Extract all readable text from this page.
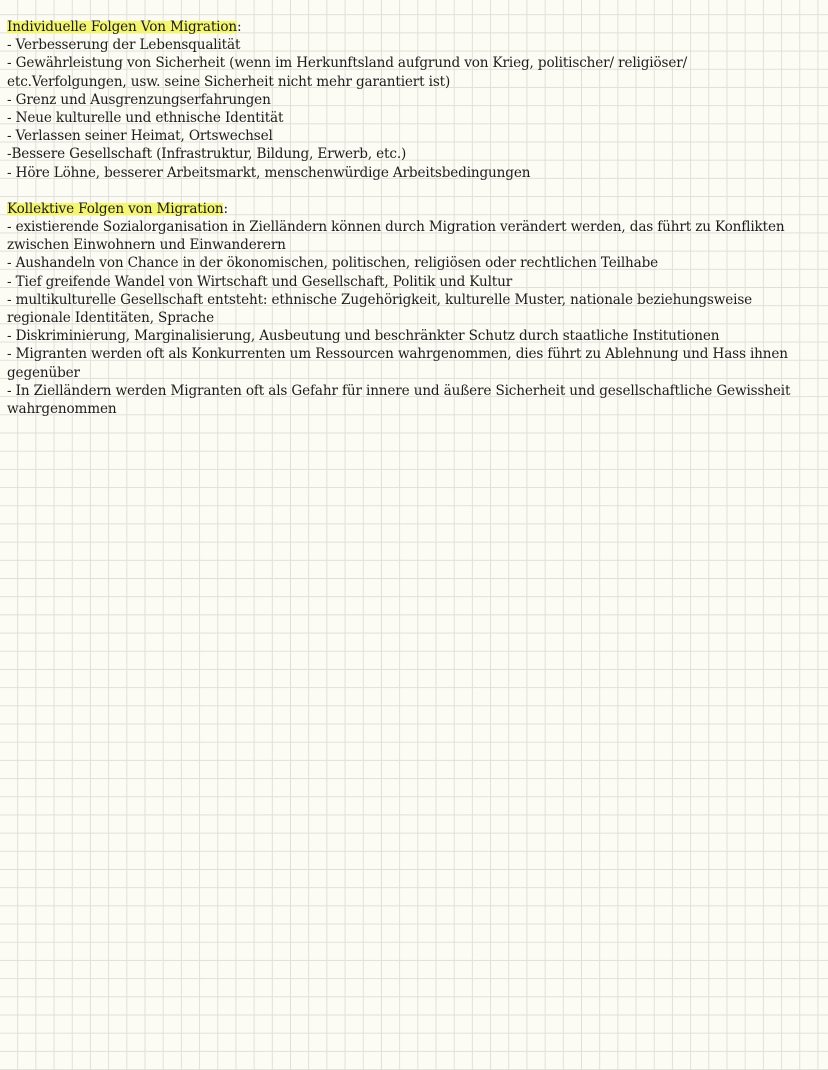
Individuelle Folgen Von Migration:
- Verbesserung der Lebensqualität
- Gewährleistung von Sicherheit (wenn im Herkunftsland aufgrund von Krieg, politischer/ religiöser/ etc.Verfolgungen, usw. seine Sicherheit nicht mehr garantiert ist)
- Grenz und Ausgrenzungserfahrungen
- Neue kulturelle und ethnische Identität
- Verlassen seiner Heimat, Ortswechsel
-Bessere Gesellschaft (Infrastruktur, Bildung, Erwerb, etc.)
- Höre Löhne, besserer Arbeitsmarkt, menschenwürdige Arbeitsbedingungen
Kollektive Folgen von Migration:
- existierende Sozialorganisation in Zielländern können durch Migration verändert werden, das führt zu Konflikten zwischen Einwohnern und Einwanderern
- Aushandeln von Chance in der ökonomischen, politischen, religiösen oder rechtlichen Teilhabe
- Tief greifende Wandel von Wirtschaft und Gesellschaft, Politik und Kultur
- multikulturelle Gesellschaft entsteht: ethnische Zugehörigkeit, kulturelle Muster, nationale beziehungsweise regionale Identitäten, Sprache
- Diskriminierung, Marginalisierung, Ausbeutung und beschränkter Schutz durch staatliche Institutionen
- Migranten werden oft als Konkurrenten um Ressourcen wahrgenommen, dies führt zu Ablehnung und Hass ihnen gegenüber
- In Zielländern werden Migranten oft als Gefahr für innere und äußere Sicherheit und gesellschaftliche Gewissheit wahrgenommen
